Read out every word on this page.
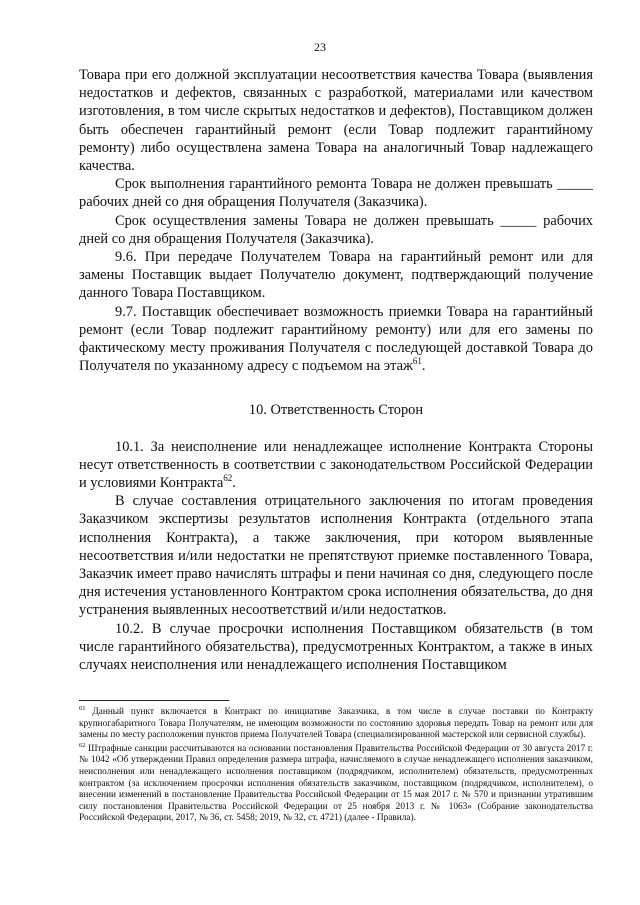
23

Товара при его должной эксплуатации несоответствия качества Товара (выявления недостатков и дефектов, связанных с разработкой, материалами или качеством изготовления, в том числе скрытых недостатков и дефектов), Поставщиком должен быть обеспечен гарантийный ремонт (если Товар подлежит гарантийному ремонту) либо осуществлена замена Товара на аналогичный Товар надлежащего качества.

Срок выполнения гарантийного ремонта Товара не должен превышать _____ рабочих дней со дня обращения Получателя (Заказчика).

Срок осуществления замены Товара не должен превышать _____ рабочих дней со дня обращения Получателя (Заказчика).

9.6. При передаче Получателем Товара на гарантийный ремонт или для замены Поставщик выдает Получателю документ, подтверждающий получение данного Товара Поставщиком.

9.7. Поставщик обеспечивает возможность приемки Товара на гарантийный ремонт (если Товар подлежит гарантийному ремонту) или для его замены по фактическому месту проживания Получателя с последующей доставкой Товара до Получателя по указанному адресу с подъемом на этаж$^{61}$.

10. Ответственность Сторон

10.1. За неисполнение или ненадлежащее исполнение Контракта Стороны несут ответственность в соответствии с законодательством Российской Федерации и условиями Контракта$^{62}$.

В случае составления отрицательного заключения по итогам проведения Заказчиком экспертизы результатов исполнения Контракта (отдельного этапа исполнения Контракта), а также заключения, при котором выявленные несоответствия и/или недостатки не препятствуют приемке поставленного Товара, Заказчик имеет право начислять штрафы и пени начиная со дня, следующего после дня истечения установленного Контрактом срока исполнения обязательства, до дня устранения выявленных несоответствий и/или недостатков.

10.2. В случае просрочки исполнения Поставщиком обязательств (в том числе гарантийного обязательства), предусмотренных Контрактом, а также в иных случаях неисполнения или ненадлежащего исполнения Поставщиком

$^{61}$ Данный пункт включается в Контракт по инициативе Заказчика, в том числе в случае поставки по Контракту крупногабаритного Товара Получателям, не имеющим возможности по состоянию здоровья передать Товар на ремонт или для замены по месту расположения пунктов приема Получателей Товара (специализированной мастерской или сервисной службы).

$^{62}$ Штрафные санкции рассчитываются на основании постановления Правительства Российской Федерации от 30 августа 2017 г. № 1042 «Об утверждении Правил определения размера штрафа, начисляемого в случае ненадлежащего исполнения заказчиком, неисполнения или ненадлежащего исполнения поставщиком (подрядчиком, исполнителем) обязательств, предусмотренных контрактом (за исключением просрочки исполнения обязательств заказчиком, поставщиком (подрядчиком, исполнителем), о внесении изменений в постановление Правительства Российской Федерации от 15 мая 2017 г. № 570 и признании утратившим силу постановления Правительства Российской Федерации от 25 ноября 2013 г. № 1063» (Собрание законодательства Российской Федерации, 2017, № 36, ст. 5458; 2019, № 32, ст. 4721) (далее - Правила).
